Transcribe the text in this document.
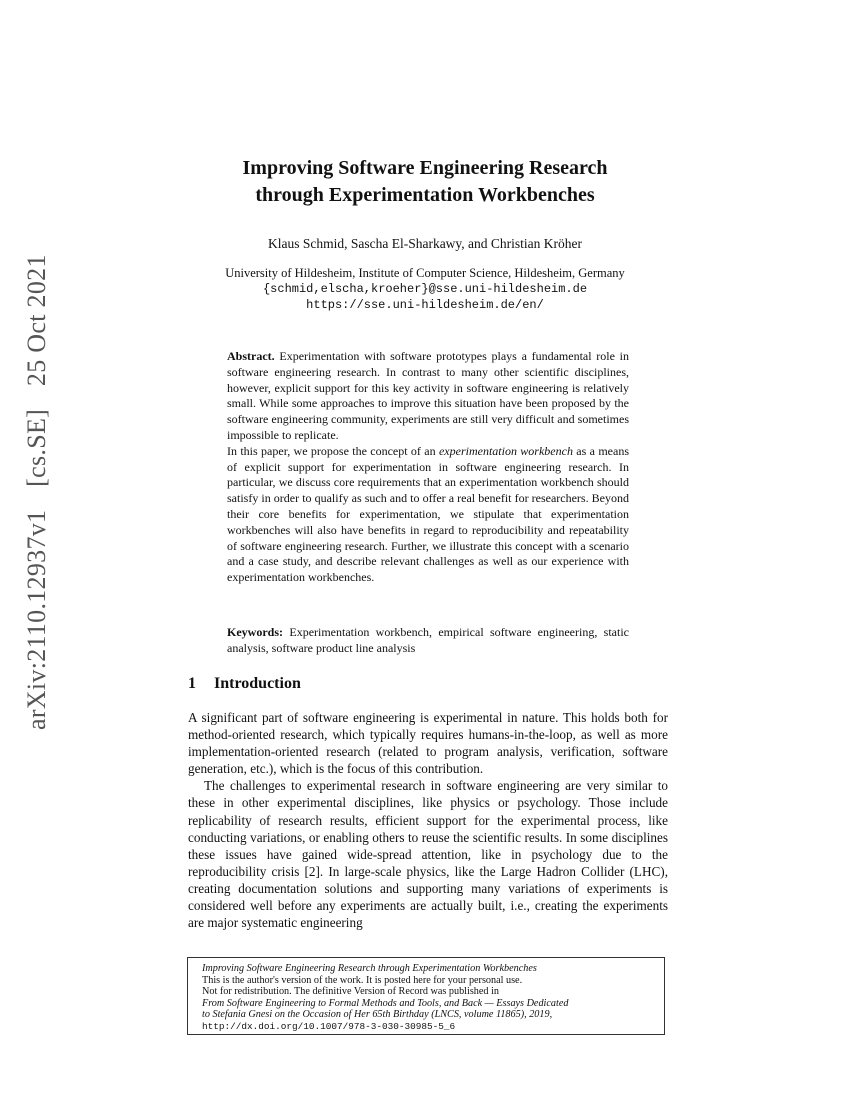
arXiv:2110.12937v1 [cs.SE] 25 Oct 2021
Improving Software Engineering Research
through Experimentation Workbenches
Klaus Schmid, Sascha El-Sharkawy, and Christian Kröher
University of Hildesheim, Institute of Computer Science, Hildesheim, Germany
{schmid,elscha,kroeher}@sse.uni-hildesheim.de
https://sse.uni-hildesheim.de/en/

Abstract. Experimentation with software prototypes plays a fundamental role in software engineering research. In contrast to many other scientific disciplines, however, explicit support for this key activity in software engineering is relatively small. While some approaches to improve this situation have been proposed by the software engineering community, experiments are still very difficult and sometimes impossible to replicate.

In this paper, we propose the concept of an experimentation workbench as a means of explicit support for experimentation in software engineering research. In particular, we discuss core requirements that an experimentation workbench should satisfy in order to qualify as such and to offer a real benefit for researchers. Beyond their core benefits for experimentation, we stipulate that experimentation workbenches will also have benefits in regard to reproducibility and repeatability of software engineering research. Further, we illustrate this concept with a scenario and a case study, and describe relevant challenges as well as our experience with experimentation workbenches.

Keywords: Experimentation workbench, empirical software engineering, static analysis, software product line analysis
1 Introduction

A significant part of software engineering is experimental in nature. This holds both for method-oriented research, which typically requires humans-in-the-loop, as well as more implementation-oriented research (related to program analysis, verification, software generation, etc.), which is the focus of this contribution.

The challenges to experimental research in software engineering are very similar to these in other experimental disciplines, like physics or psychology. Those include replicability of research results, efficient support for the experimental process, like conducting variations, or enabling others to reuse the scientific results. In some disciplines these issues have gained wide-spread attention, like in psychology due to the reproducibility crisis [2]. In large-scale physics, like the Large Hadron Collider (LHC), creating documentation solutions and supporting many variations of experiments is considered well before any experiments are actually built, i.e., creating the experiments are major systematic engineering

Improving Software Engineering Research through Experimentation Workbenches
This is the author's version of the work. It is posted here for your personal use.
Not for redistribution. The definitive Version of Record was published in
From Software Engineering to Formal Methods and Tools, and Back — Essays Dedicated
to Stefania Gnesi on the Occasion of Her 65th Birthday (LNCS, volume 11865), 2019,
http://dx.doi.org/10.1007/978-3-030-30985-5_6
